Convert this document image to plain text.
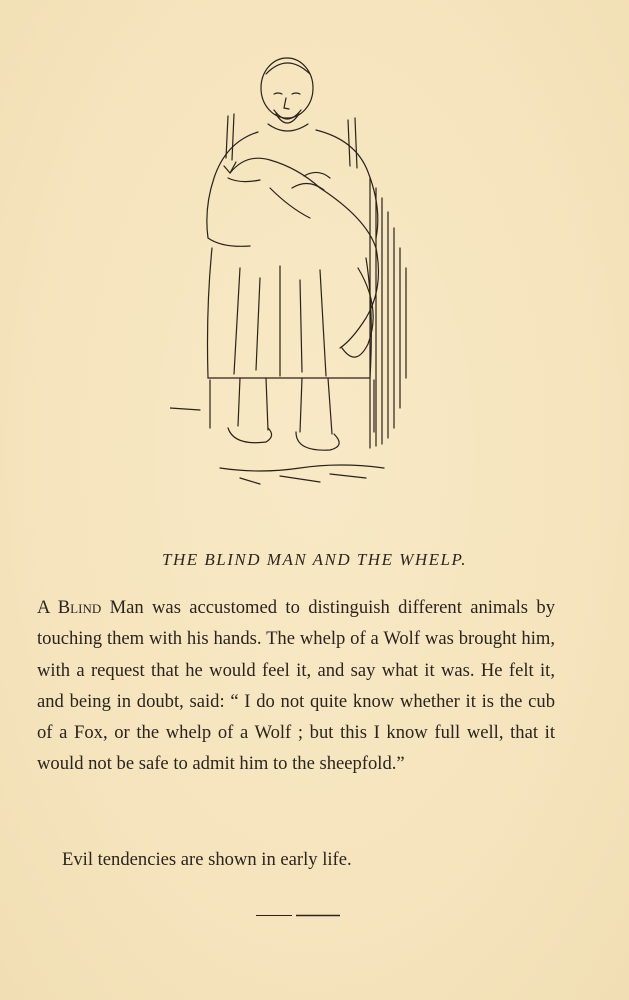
THE BLIND MAN AND THE WHELP.

A Blind Man was accustomed to distinguish different animals by touching them with his hands. The whelp of a Wolf was brought him, with a request that he would feel it, and say what it was. He felt it, and being in doubt, said: “ I do not quite know whether it is the cub of a Fox, or the whelp of a Wolf ; but this I know full well, that it would not be safe to admit him to the sheepfold.”

Evil tendencies are shown in early life.
